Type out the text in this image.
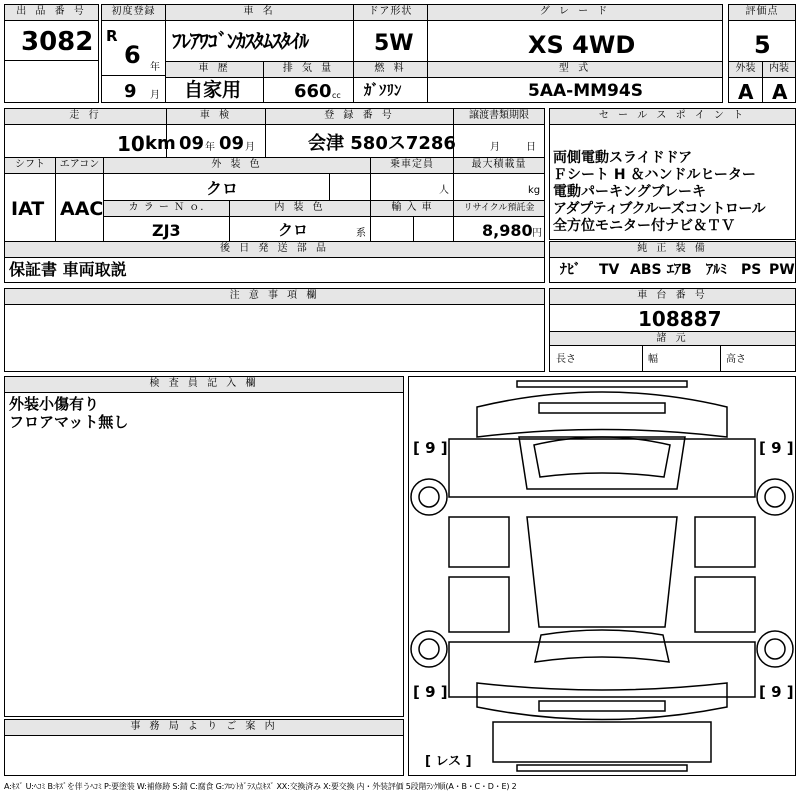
出 品 番 号
3082
初度登録
R
6 年
9 月
車 名
ﾌﾚｱﾜｺﾞﾝｶｽﾀﾑｽﾀｲﾙ
ドア形状
5W
グ レ ー ド
XS 4WD
評価点
5
車 歴
自家用
排 気 量
660 cc
燃 料
ｶﾞｿﾘﾝ
型 式
5AA-MM94S
外装
A
内装
A
走 行
10 km
車 検
09 年 09 月
登 録 番 号
会津 580ス7286
譲渡書類期限
月	日
セ ー ル ス ポ イ ン ト
両側電動スライドドア
Ｆシート H ＆ハンドルヒーター
電動パーキングブレーキ
アダプティブクルーズコントロール
全方位モニター付ナビ＆ＴＶ
シフト
IAT
エアコン
AAC
外 装 色
クロ
乗車定員
人
最大積載量
kg
カ ラ ー Ｎ ｏ.
ZJ3
内 装 色
クロ	系
輸 入 車	リサイクル預託金
8,980 円
後 日 発 送 部 品
保証書 車両取説
純 正 装 備
ﾅﾋﾞ TV ABS ｴｱB ｱﾙﾐ PS PW
注 意 事 項 欄	車 台 番 号
108887
諸 元
長さ	幅	高さ
検 査 員 記 入 欄
外装小傷有り
フロアマット無し
事 務 局 よ り ご 案 内
[ 9 ]	[ 9 ]
[ 9 ]	[ 9 ]
[ レス ]
A:ｷｽﾞ U:ﾍｺﾐ B:ｷｽﾞを伴うﾍｺﾐ P:要塗装 W:補修跡 S:錆 C:腐食 G:ﾌﾛﾝﾄｶﾞﾗｽ点ｷｽﾞ XX:交換済み X:要交換 内・外装評価 5段階ﾗﾝｸ順(A・B・C・D・E) 2
